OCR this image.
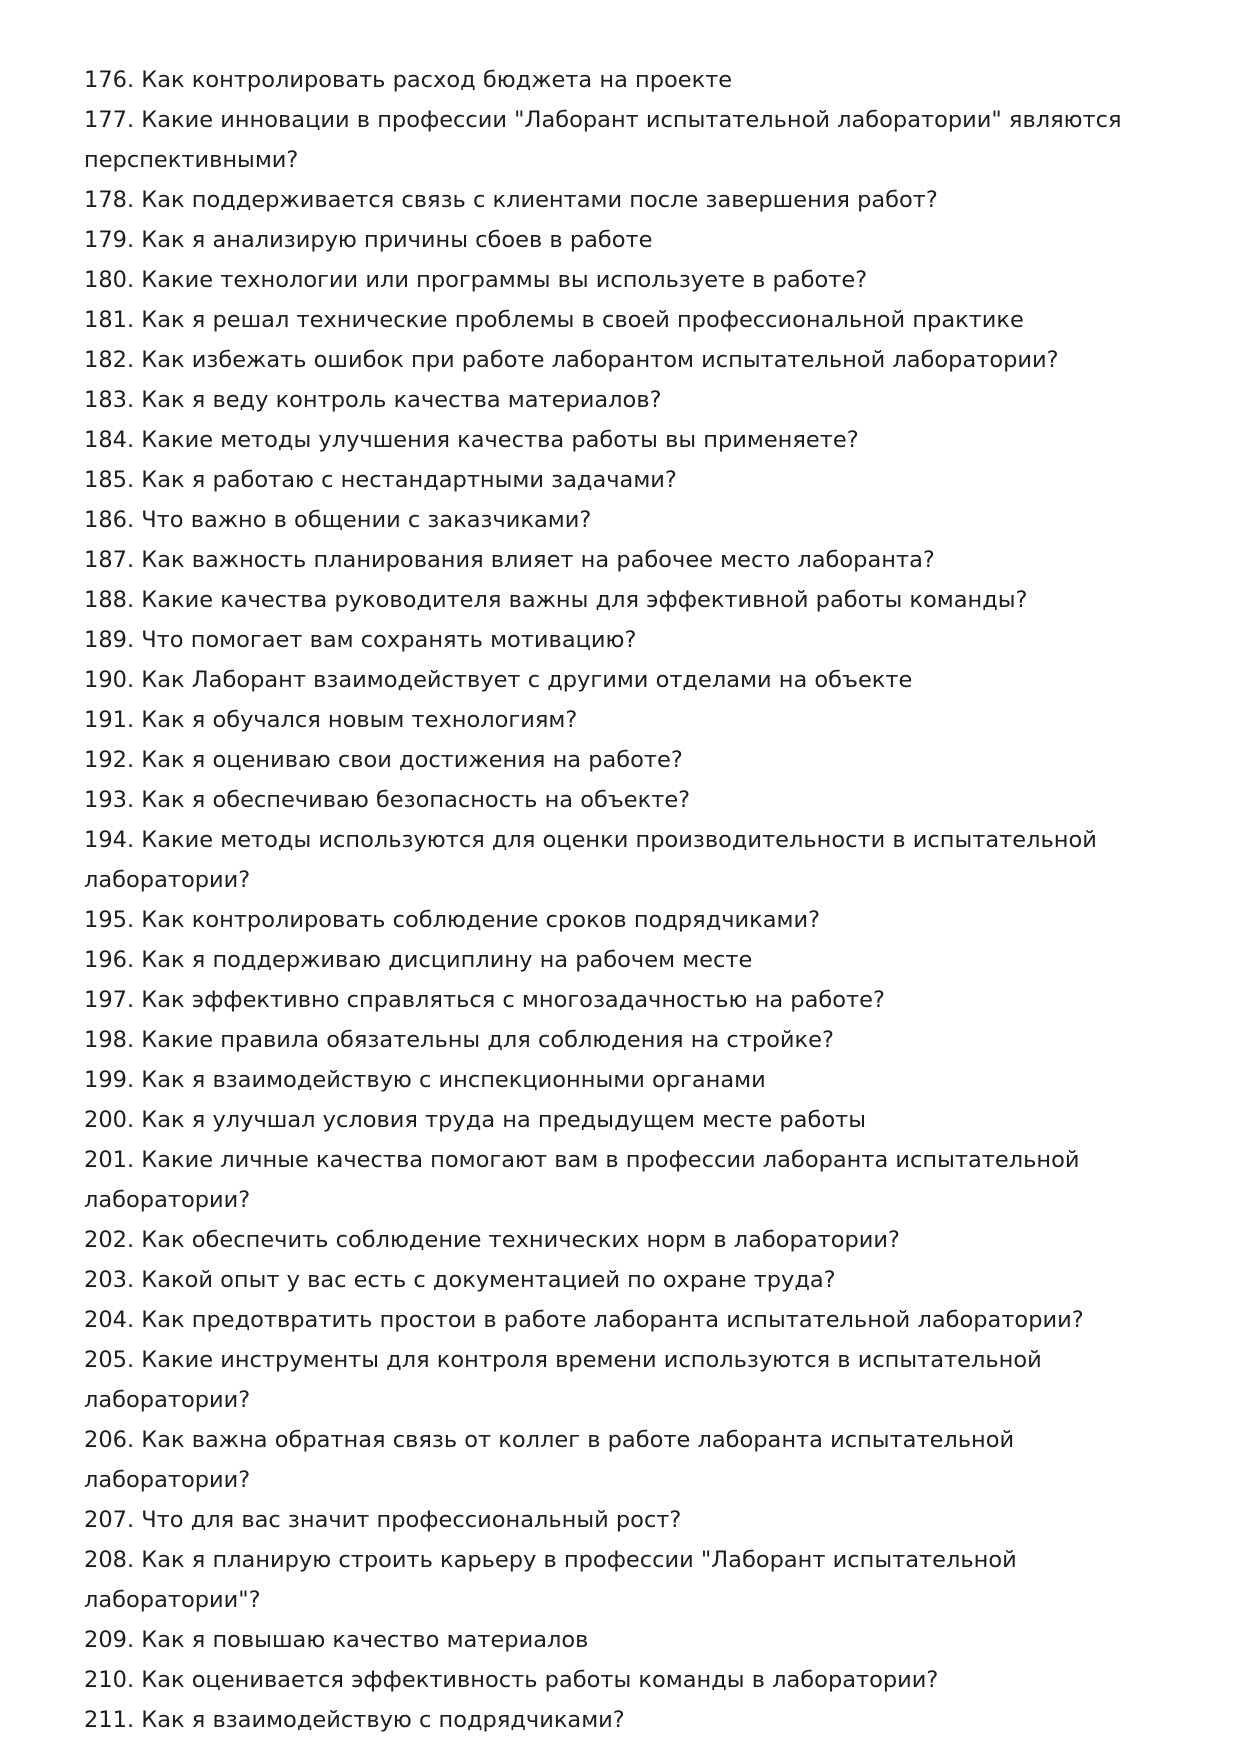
176. Как контролировать расход бюджета на проекте
177. Какие инновации в профессии "Лаборант испытательной лаборатории" являются
перспективными?
178. Как поддерживается связь с клиентами после завершения работ?
179. Как я анализирую причины сбоев в работе
180. Какие технологии или программы вы используете в работе?
181. Как я решал технические проблемы в своей профессиональной практике
182. Как избежать ошибок при работе лаборантом испытательной лаборатории?
183. Как я веду контроль качества материалов?
184. Какие методы улучшения качества работы вы применяете?
185. Как я работаю с нестандартными задачами?
186. Что важно в общении с заказчиками?
187. Как важность планирования влияет на рабочее место лаборанта?
188. Какие качества руководителя важны для эффективной работы команды?
189. Что помогает вам сохранять мотивацию?
190. Как Лаборант взаимодействует с другими отделами на объекте
191. Как я обучался новым технологиям?
192. Как я оцениваю свои достижения на работе?
193. Как я обеспечиваю безопасность на объекте?
194. Какие методы используются для оценки производительности в испытательной
лаборатории?
195. Как контролировать соблюдение сроков подрядчиками?
196. Как я поддерживаю дисциплину на рабочем месте
197. Как эффективно справляться с многозадачностью на работе?
198. Какие правила обязательны для соблюдения на стройке?
199. Как я взаимодействую с инспекционными органами
200. Как я улучшал условия труда на предыдущем месте работы
201. Какие личные качества помогают вам в профессии лаборанта испытательной
лаборатории?
202. Как обеспечить соблюдение технических норм в лаборатории?
203. Какой опыт у вас есть с документацией по охране труда?
204. Как предотвратить простои в работе лаборанта испытательной лаборатории?
205. Какие инструменты для контроля времени используются в испытательной
лаборатории?
206. Как важна обратная связь от коллег в работе лаборанта испытательной лаборатории?
207. Что для вас значит профессиональный рост?
208. Как я планирую строить карьеру в профессии "Лаборант испытательной лаборатории"?
209. Как я повышаю качество материалов
210. Как оценивается эффективность работы команды в лаборатории?
211. Как я взаимодействую с подрядчиками?
